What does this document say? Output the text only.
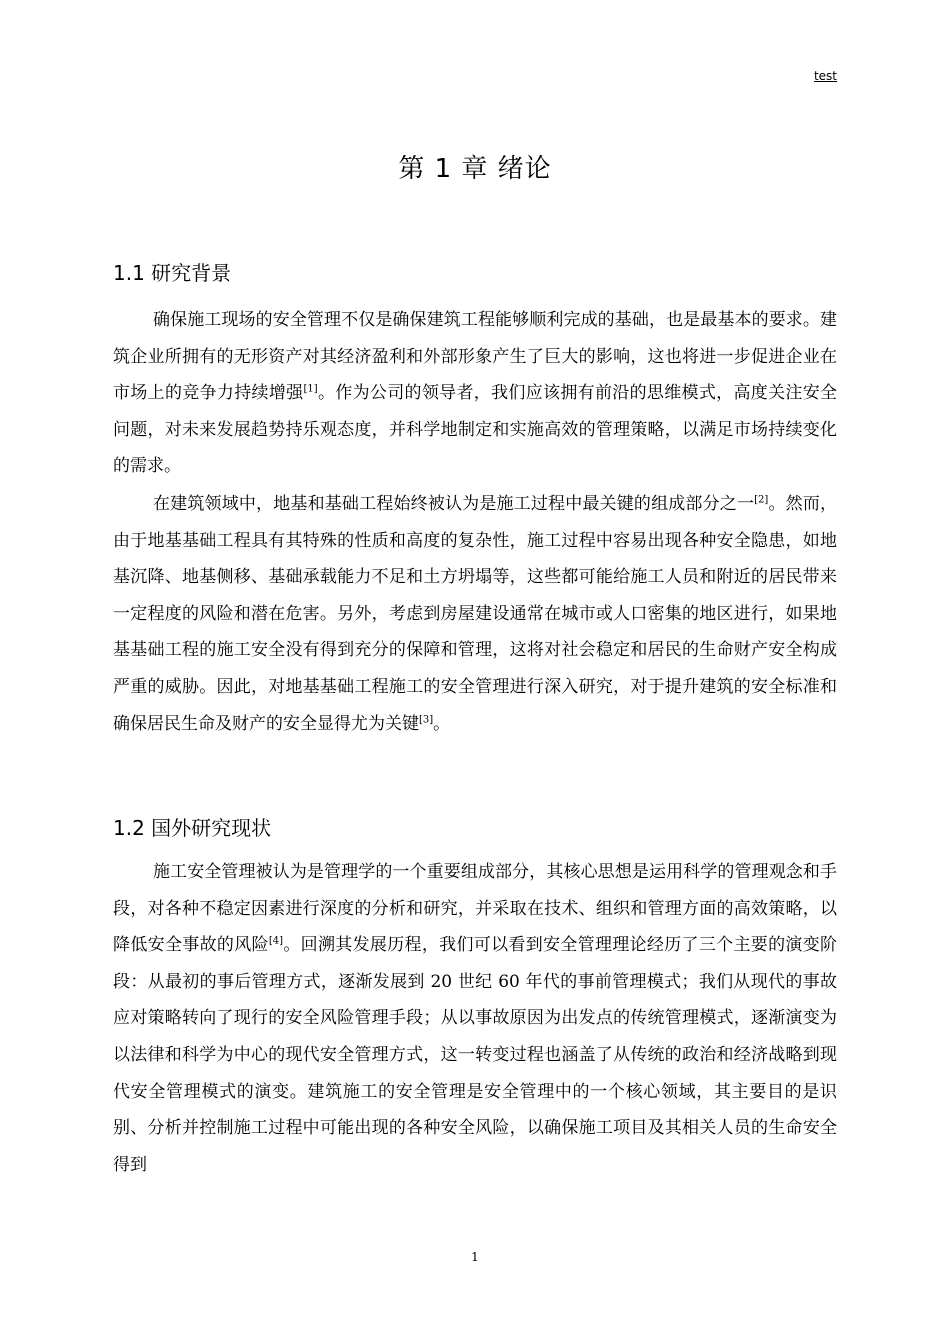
test
第 1 章 绪论
1.1 研究背景

确保施工现场的安全管理不仅是确保建筑工程能够顺利完成的基础，也是最基本的要求。建筑企业所拥有的无形资产对其经济盈利和外部形象产生了巨大的影响，这也将进一步促进企业在市场上的竞争力持续增强[1]。作为公司的领导者，我们应该拥有前沿的思维模式，高度关注安全问题，对未来发展趋势持乐观态度，并科学地制定和实施高效的管理策略，以满足市场持续变化的需求。

在建筑领域中，地基和基础工程始终被认为是施工过程中最关键的组成部分之一[2]。然而，由于地基基础工程具有其特殊的性质和高度的复杂性，施工过程中容易出现各种安全隐患，如地基沉降、地基侧移、基础承载能力不足和土方坍塌等，这些都可能给施工人员和附近的居民带来一定程度的风险和潜在危害。另外，考虑到房屋建设通常在城市或人口密集的地区进行，如果地基基础工程的施工安全没有得到充分的保障和管理，这将对社会稳定和居民的生命财产安全构成严重的威胁。因此，对地基基础工程施工的安全管理进行深入研究，对于提升建筑的安全标准和确保居民生命及财产的安全显得尤为关键[3]。

1.2 国外研究现状

施工安全管理被认为是管理学的一个重要组成部分，其核心思想是运用科学的管理观念和手段，对各种不稳定因素进行深度的分析和研究，并采取在技术、组织和管理方面的高效策略，以降低安全事故的风险[4]。回溯其发展历程，我们可以看到安全管理理论经历了三个主要的演变阶段：从最初的事后管理方式，逐渐发展到 20 世纪 60 年代的事前管理模式；我们从现代的事故应对策略转向了现行的安全风险管理手段；从以事故原因为出发点的传统管理模式，逐渐演变为以法律和科学为中心的现代安全管理方式，这一转变过程也涵盖了从传统的政治和经济战略到现代安全管理模式的演变。建筑施工的安全管理是安全管理中的一个核心领域，其主要目的是识别、分析并控制施工过程中可能出现的各种安全风险，以确保施工项目及其相关人员的生命安全得到

1
